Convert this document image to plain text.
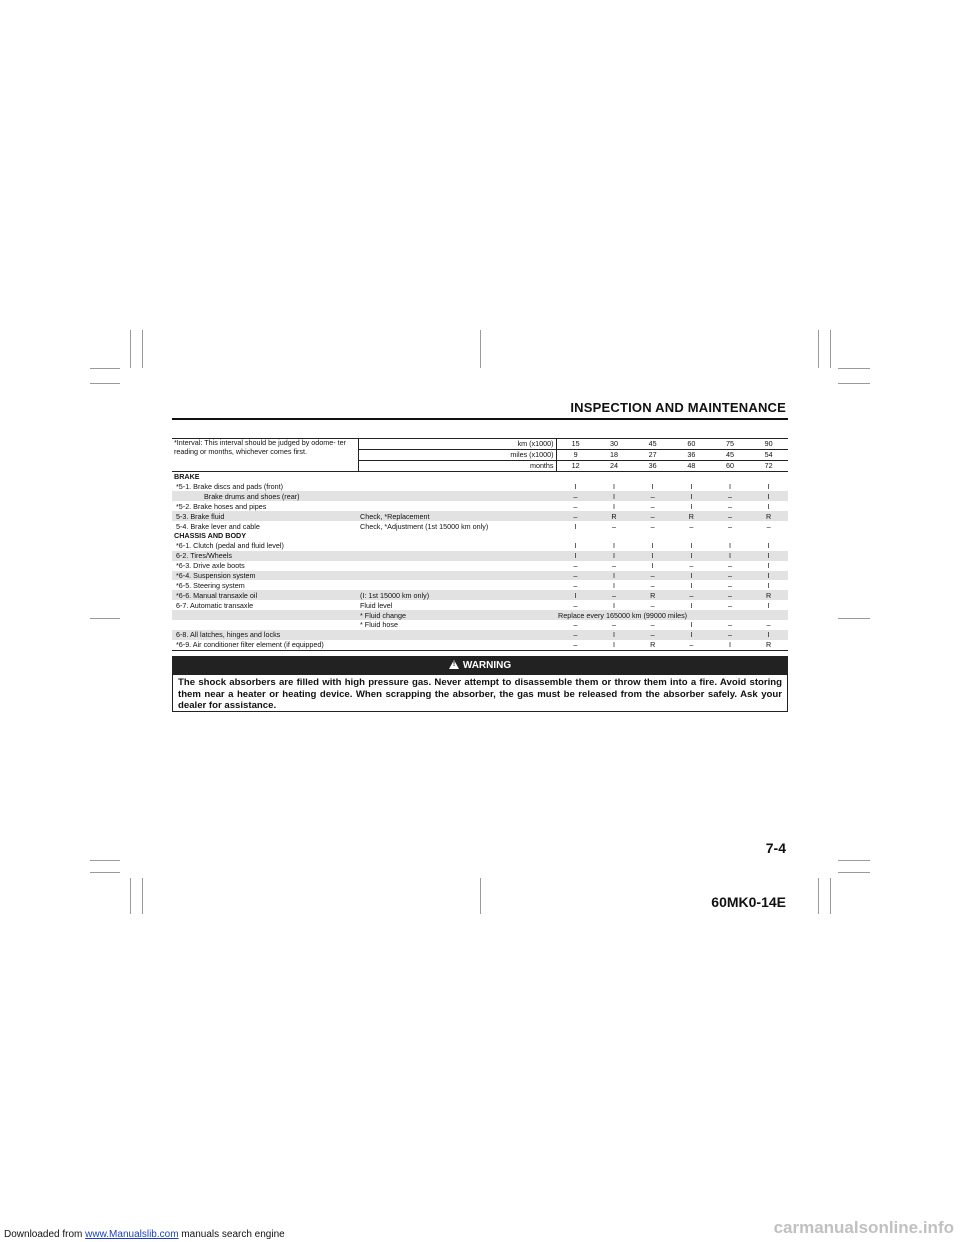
INSPECTION AND MAINTENANCE
*Interval: This interval should be judged by odome- ter reading or months, whichever comes first.	km (x1000)	15	30	45	60	75	90
	miles (x1000)	9	18	27	36	45	54
	months	12	24	36	48	60	72
BRAKE							
*5-1. Brake discs and pads (front)		I	I	I	I	I	I
Brake drums and shoes (rear)		–	I	–	I	–	I
*5-2. Brake hoses and pipes		–	I	–	I	–	I
5-3. Brake fluid	Check, *Replacement	–	R	–	R	–	R
5-4. Brake lever and cable	Check, *Adjustment (1st 15000 km only)	I	–	–	–	–	–
CHASSIS AND BODY							
*6-1. Clutch (pedal and fluid level)		I	I	I	I	I	I
6-2. Tires/Wheels		I	I	I	I	I	I
*6-3. Drive axle boots		–	–	I	–	–	I
*6-4. Suspension system		–	I	–	I	–	I
*6-5. Steering system		–	I	–	I	–	I
*6-6. Manual transaxle oil	(I: 1st 15000 km only)	I	–	R	–	–	R
6-7. Automatic transaxle	Fluid level	–	I	–	I	–	I
	* Fluid change	Replace every 165000 km (99000 miles)					
	* Fluid hose	–	–	–	I	–	–
6-8. All latches, hinges and locks		–	I	–	I	–	I
*6-9. Air conditioner filter element (if equipped)		–	I	R	–	I	R
! WARNING
The shock absorbers are filled with high pressure gas. Never attempt to disassemble them or throw them into a fire. Avoid storing them near a heater or heating device. When scrapping the absorber, the gas must be released from the absorber safely. Ask your dealer for assistance.
7-4
60MK0-14E
Downloaded from www.Manualslib.com manuals search engine	carmanualsonline.info
